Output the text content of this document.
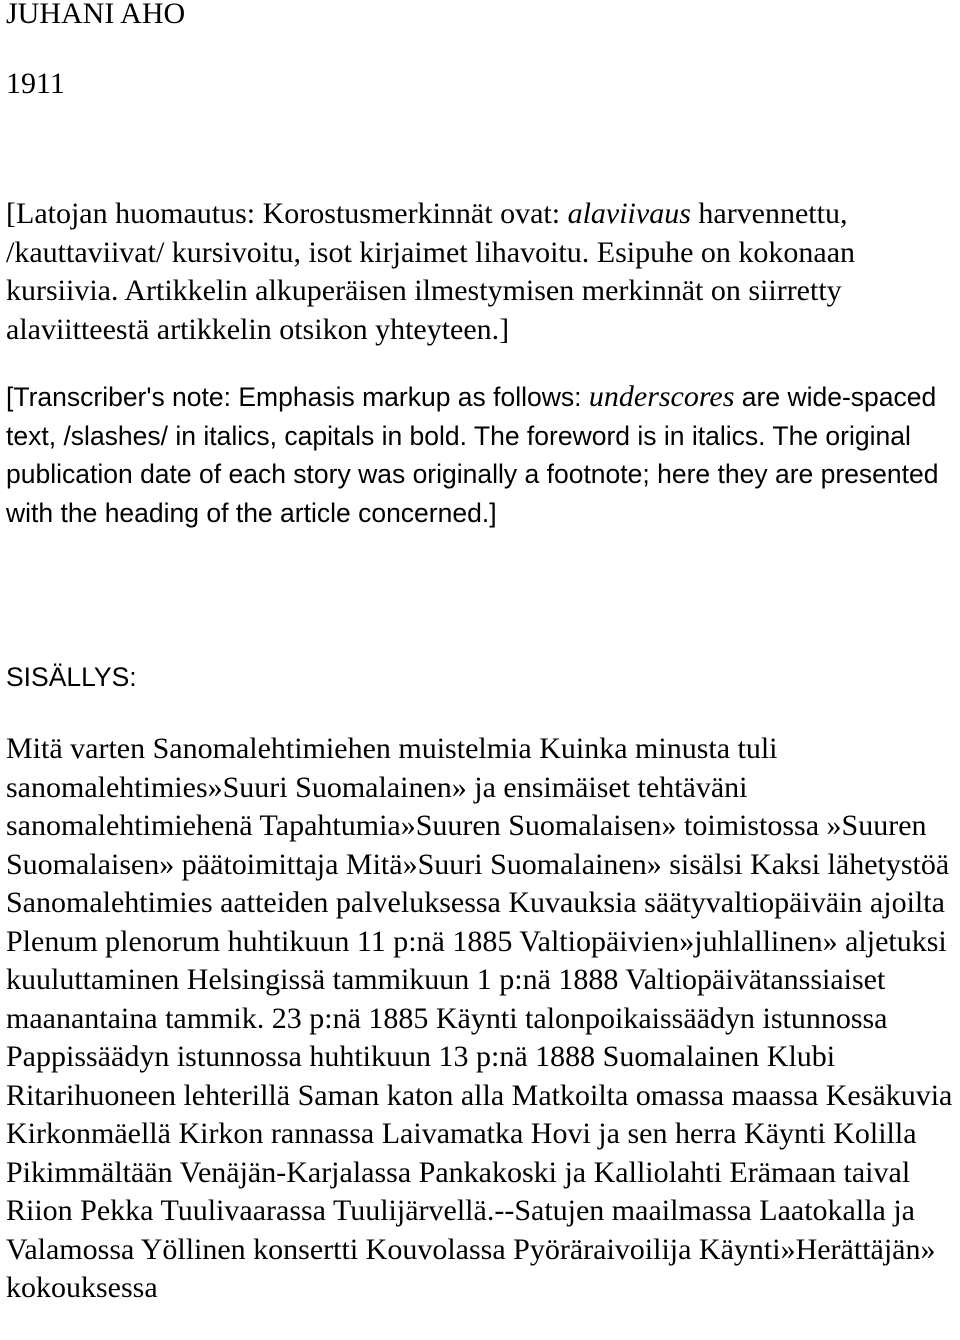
JUHANI AHO
1911

[Latojan huomautus: Korostusmerkinnät ovat: alaviivaus harvennettu, /kauttaviivat/ kursivoitu, isot kirjaimet lihavoitu. Esipuhe on kokonaan kursiivia. Artikkelin alkuperäisen ilmestymisen merkinnät on siirretty alaviitteestä artikkelin otsikon yhteyteen.]

[Transcriber's note: Emphasis markup as follows: underscores are wide-spaced text, /slashes/ in italics, capitals in bold. The foreword is in italics. The original publication date of each story was originally a footnote; here they are presented with the heading of the article concerned.]

SISÄLLYS:

Mitä varten Sanomalehtimiehen muistelmia Kuinka minusta tuli sanomalehtimies»Suuri Suomalainen» ja ensimäiset tehtäväni sanomalehtimiehenä Tapahtumia»Suuren Suomalaisen» toimistossa »Suuren Suomalaisen» päätoimittaja Mitä»Suuri Suomalainen» sisälsi Kaksi lähetystöä Sanomalehtimies aatteiden palveluksessa Kuvauksia säätyvaltiopäiväin ajoilta Plenum plenorum huhtikuun 11 p:nä 1885 Valtiopäivien»juhlallinen» aljetuksi kuuluttaminen Helsingissä tammikuun 1 p:nä 1888 Valtiopäivätanssiaiset maanantaina tammik. 23 p:nä 1885 Käynti talonpoikaissäädyn istunnossa Pappissäädyn istunnossa huhtikuun 13 p:nä 1888 Suomalainen Klubi Ritarihuoneen lehterillä Saman katon alla Matkoilta omassa maassa Kesäkuvia Kirkonmäellä Kirkon rannassa Laivamatka Hovi ja sen herra Käynti Kolilla Pikimmältään Venäjän-Karjalassa Pankakoski ja Kalliolahti Erämaan taival Riion Pekka Tuulivaarassa Tuulijärvellä.--Satujen maailmassa Laatokalla ja Valamossa Yöllinen konsertti Kouvolassa Pyöräraivoilija Käynti»Herättäjän» kokouksessa
